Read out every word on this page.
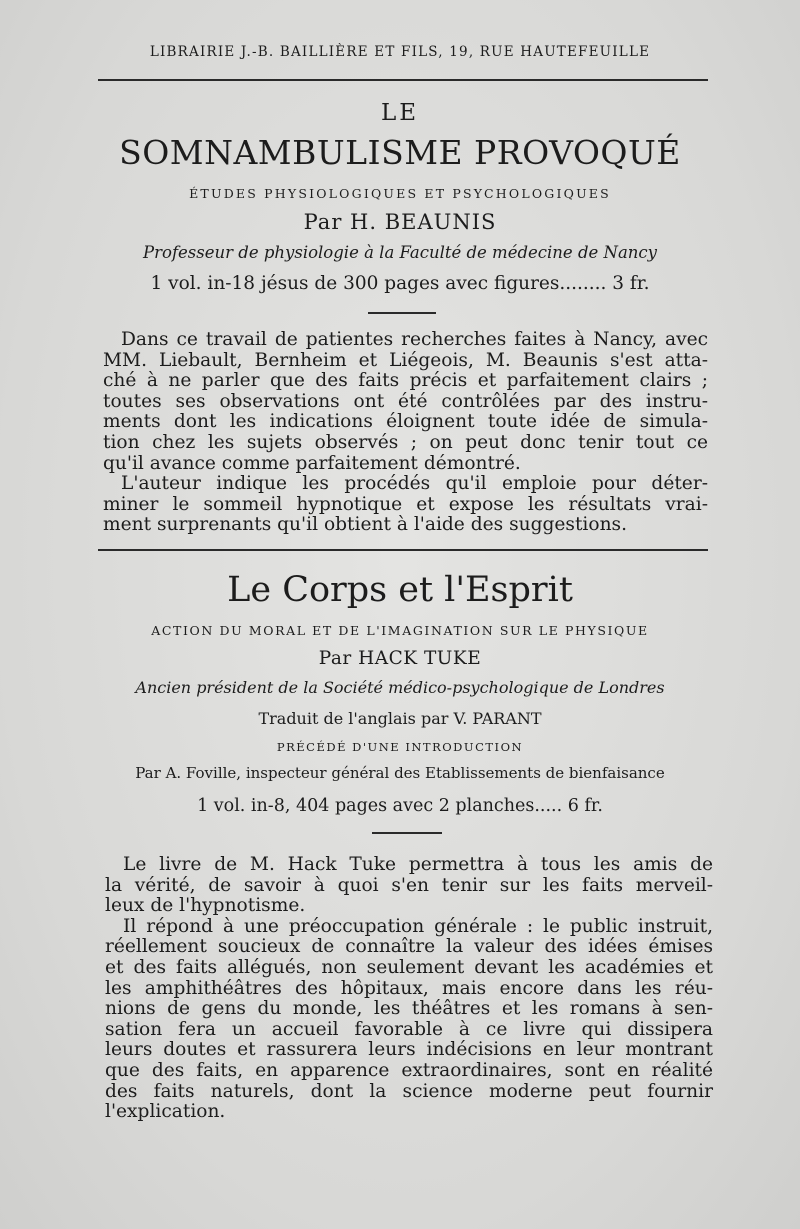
LIBRAIRIE J.-B. BAILLIÈRE ET FILS, 19, RUE HAUTEFEUILLE
LE
SOMNAMBULISME PROVOQUÉ
ÉTUDES PHYSIOLOGIQUES ET PSYCHOLOGIQUES
Par H. BEAUNIS
Professeur de physiologie à la Faculté de médecine de Nancy
1 vol. in-18 jésus de 300 pages avec figures........ 3 fr.
Dans ce travail de patientes recherches faites à Nancy, avec
MM. Liebault, Bernheim et Liégeois, M. Beaunis s'est atta-
ché à ne parler que des faits précis et parfaitement clairs ;
toutes ses observations ont été contrôlées par des instru-
ments dont les indications éloignent toute idée de simula-
tion chez les sujets observés ; on peut donc tenir tout ce
qu'il avance comme parfaitement démontré.
L'auteur indique les procédés qu'il emploie pour déter-
miner le sommeil hypnotique et expose les résultats vrai-
ment surprenants qu'il obtient à l'aide des suggestions.
Le Corps et l'Esprit
ACTION DU MORAL ET DE L'IMAGINATION SUR LE PHYSIQUE
Par HACK TUKE
Ancien président de la Société médico-psychologique de Londres
Traduit de l'anglais par V. PARANT
PRÉCÉDÉ D'UNE INTRODUCTION
Par A. Foville, inspecteur général des Etablissements de bienfaisance
1 vol. in-8, 404 pages avec 2 planches..... 6 fr.
Le livre de M. Hack Tuke permettra à tous les amis de
la vérité, de savoir à quoi s'en tenir sur les faits merveil-
leux de l'hypnotisme.
Il répond à une préoccupation générale : le public instruit,
réellement soucieux de connaître la valeur des idées émises
et des faits allégués, non seulement devant les académies et
les amphithéâtres des hôpitaux, mais encore dans les réu-
nions de gens du monde, les théâtres et les romans à sen-
sation fera un accueil favorable à ce livre qui dissipera
leurs doutes et rassurera leurs indécisions en leur montrant
que des faits, en apparence extraordinaires, sont en réalité
des faits naturels, dont la science moderne peut fournir
l'explication.
